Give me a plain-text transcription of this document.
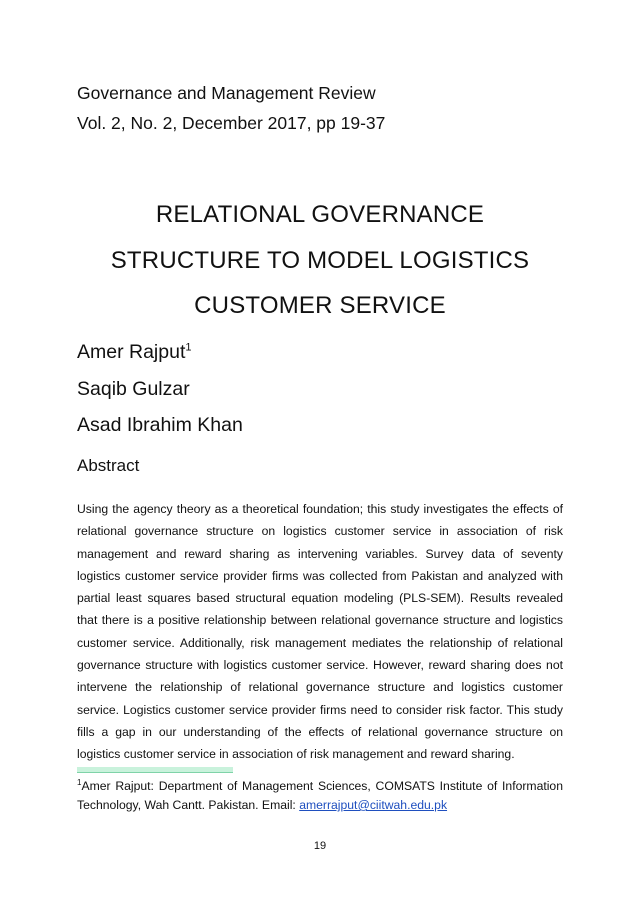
Governance and Management Review
Vol. 2, No. 2, December 2017, pp 19-37
RELATIONAL GOVERNANCE
STRUCTURE TO MODEL LOGISTICS
CUSTOMER SERVICE
Amer Rajput$^1$
Saqib Gulzar
Asad Ibrahim Khan
Abstract

Using the agency theory as a theoretical foundation; this study investigates the effects of relational governance structure on logistics customer service in association of risk management and reward sharing as intervening variables. Survey data of seventy logistics customer service provider firms was collected from Pakistan and analyzed with partial least squares based structural equation modeling (PLS-SEM). Results revealed that there is a positive relationship between relational governance structure and logistics customer service. Additionally, risk management mediates the relationship of relational governance structure with logistics customer service. However, reward sharing does not intervene the relationship of relational governance structure and logistics customer service. Logistics customer service provider firms need to consider risk factor. This study fills a gap in our understanding of the effects of relational governance structure on logistics customer service in association of risk management and reward sharing.

$^1$Amer Rajput: Department of Management Sciences, COMSATS Institute of Information Technology, Wah Cantt. Pakistan. Email: amerrajput@ciitwah.edu.pk

19
